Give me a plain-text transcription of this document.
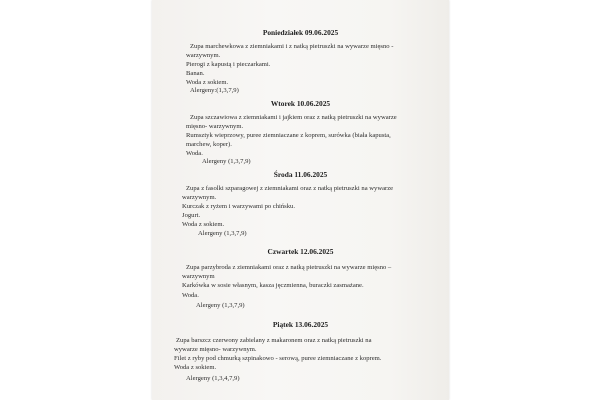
Poniedziałek 09.06.2025
Zupa marchewkowa z ziemniakami i z natką pietruszki na wywarze mięsno -
warzywnym.
Pierogi z kapustą i pieczarkami.
Banan.
Woda z sokiem.
Alergeny:(1,3,7,9)
Wtorek 10.06.2025
Zupa szczawiowa z ziemniakami i jajkiem oraz z natką pietruszki na wywarze
mięsno- warzywnym.
Rumsztyk wieprzowy, puree ziemniaczane z koprem, surówka (biała kapusta,
marchew, koper).
Woda.
Alergeny (1,3,7,9)
Środa 11.06.2025
Zupa z fasolki szparagowej z ziemniakami oraz z natką pietruszki na wywarze
warzywnym.
Kurczak z ryżem i warzywami po chińsku.
Jogurt.
Woda z sokiem.
Alergeny (1,3,7,9)
Czwartek 12.06.2025
Zupa parzybroda z ziemniakami oraz z natką pietruszki na wywarze mięsno –
warzywnym
Karkówka w sosie własnym, kasza jęczmienna, buraczki zasmażane.
Woda.
Alergeny (1,3,7,9)
Piątek 13.06.2025
Zupa barszcz czerwony zabielany z makaronem oraz z natką pietruszki na
wywarze mięsno- warzywnym.
Filet z ryby pod chmurką szpinakowo - serową, puree ziemniaczane z koprem.
Woda z sokiem.
Alergeny (1,3,4,7,9)
